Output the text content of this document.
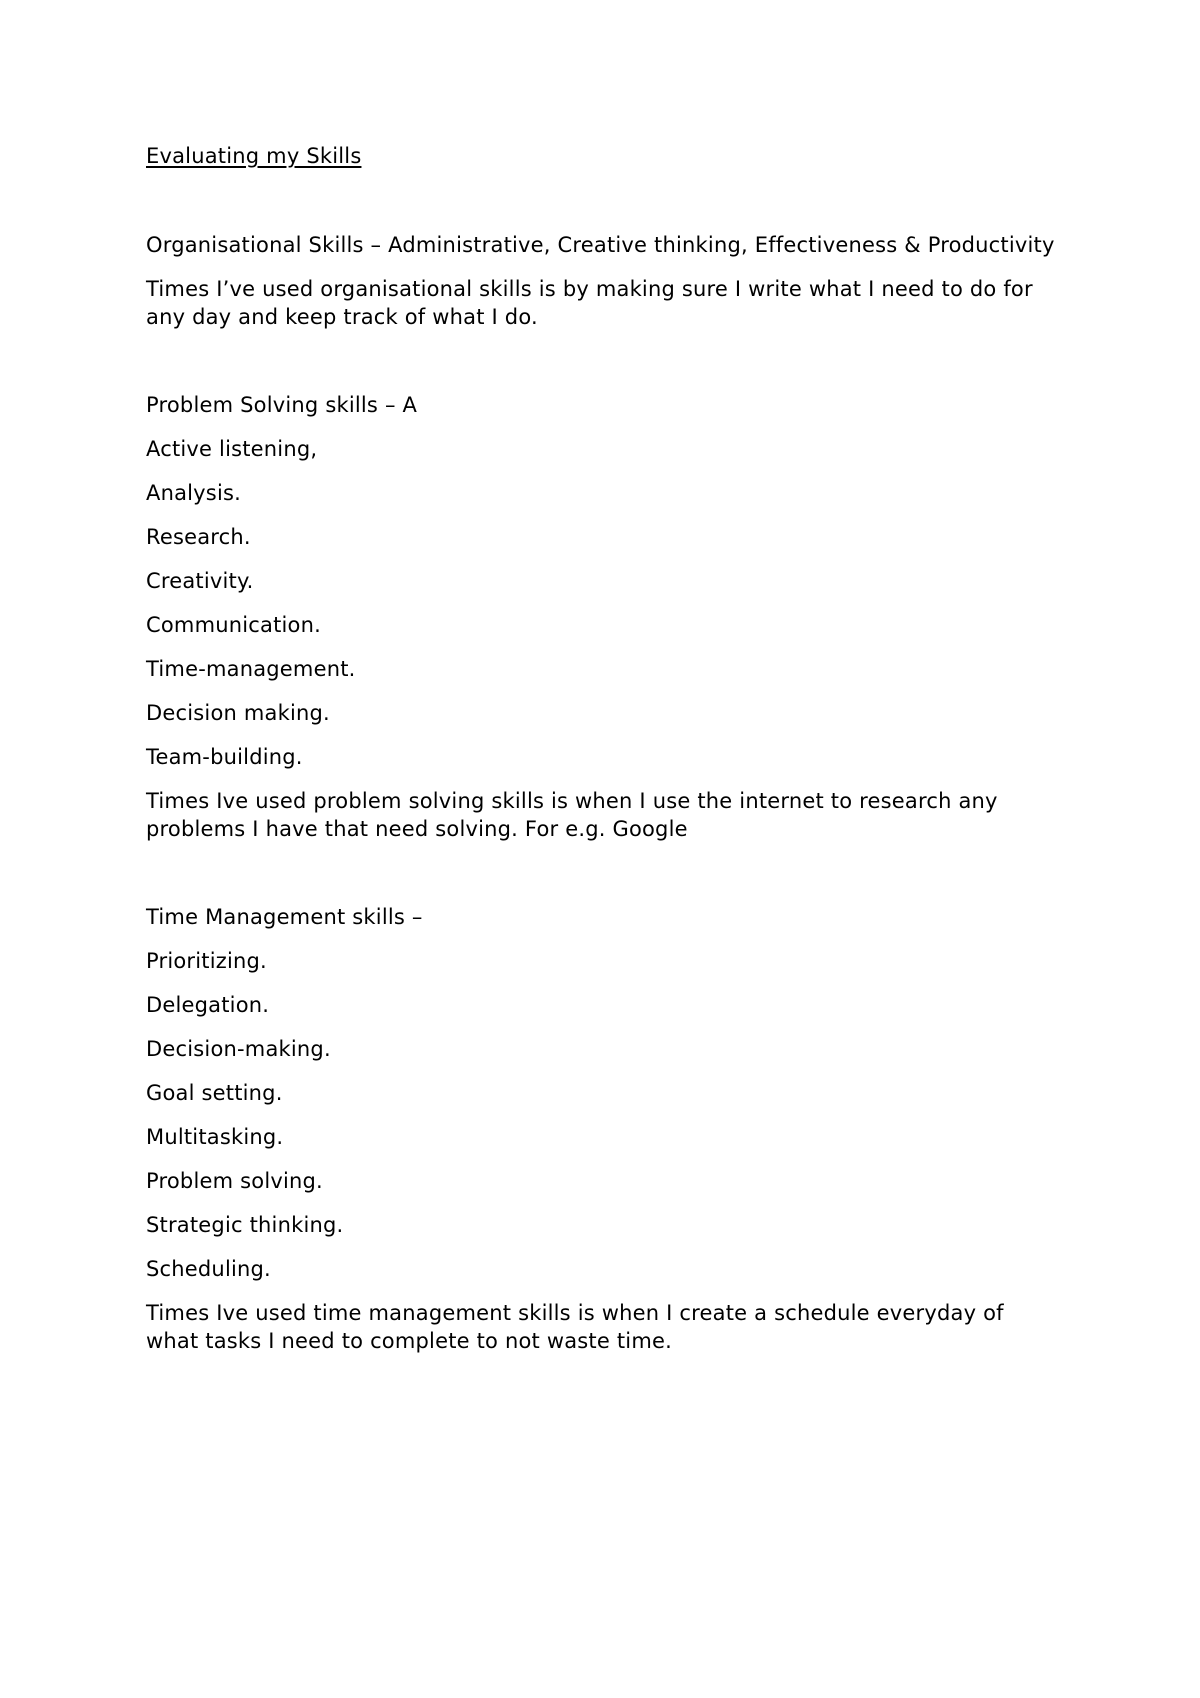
Evaluating my Skills

Organisational Skills – Administrative, Creative thinking, Effectiveness & Productivity

Times I’ve used organisational skills is by making sure I write what I need to do for any day and keep track of what I do.

Problem Solving skills – A

Active listening,

Analysis.

Research.

Creativity.

Communication.

Time-management.

Decision making.

Team-building.

Times Ive used problem solving skills is when I use the internet to research any problems I have that need solving. For e.g. Google

Time Management skills –

Prioritizing.

Delegation.

Decision-making.

Goal setting.

Multitasking.

Problem solving.

Strategic thinking.

Scheduling.

Times Ive used time management skills is when I create a schedule everyday of what tasks I need to complete to not waste time.
